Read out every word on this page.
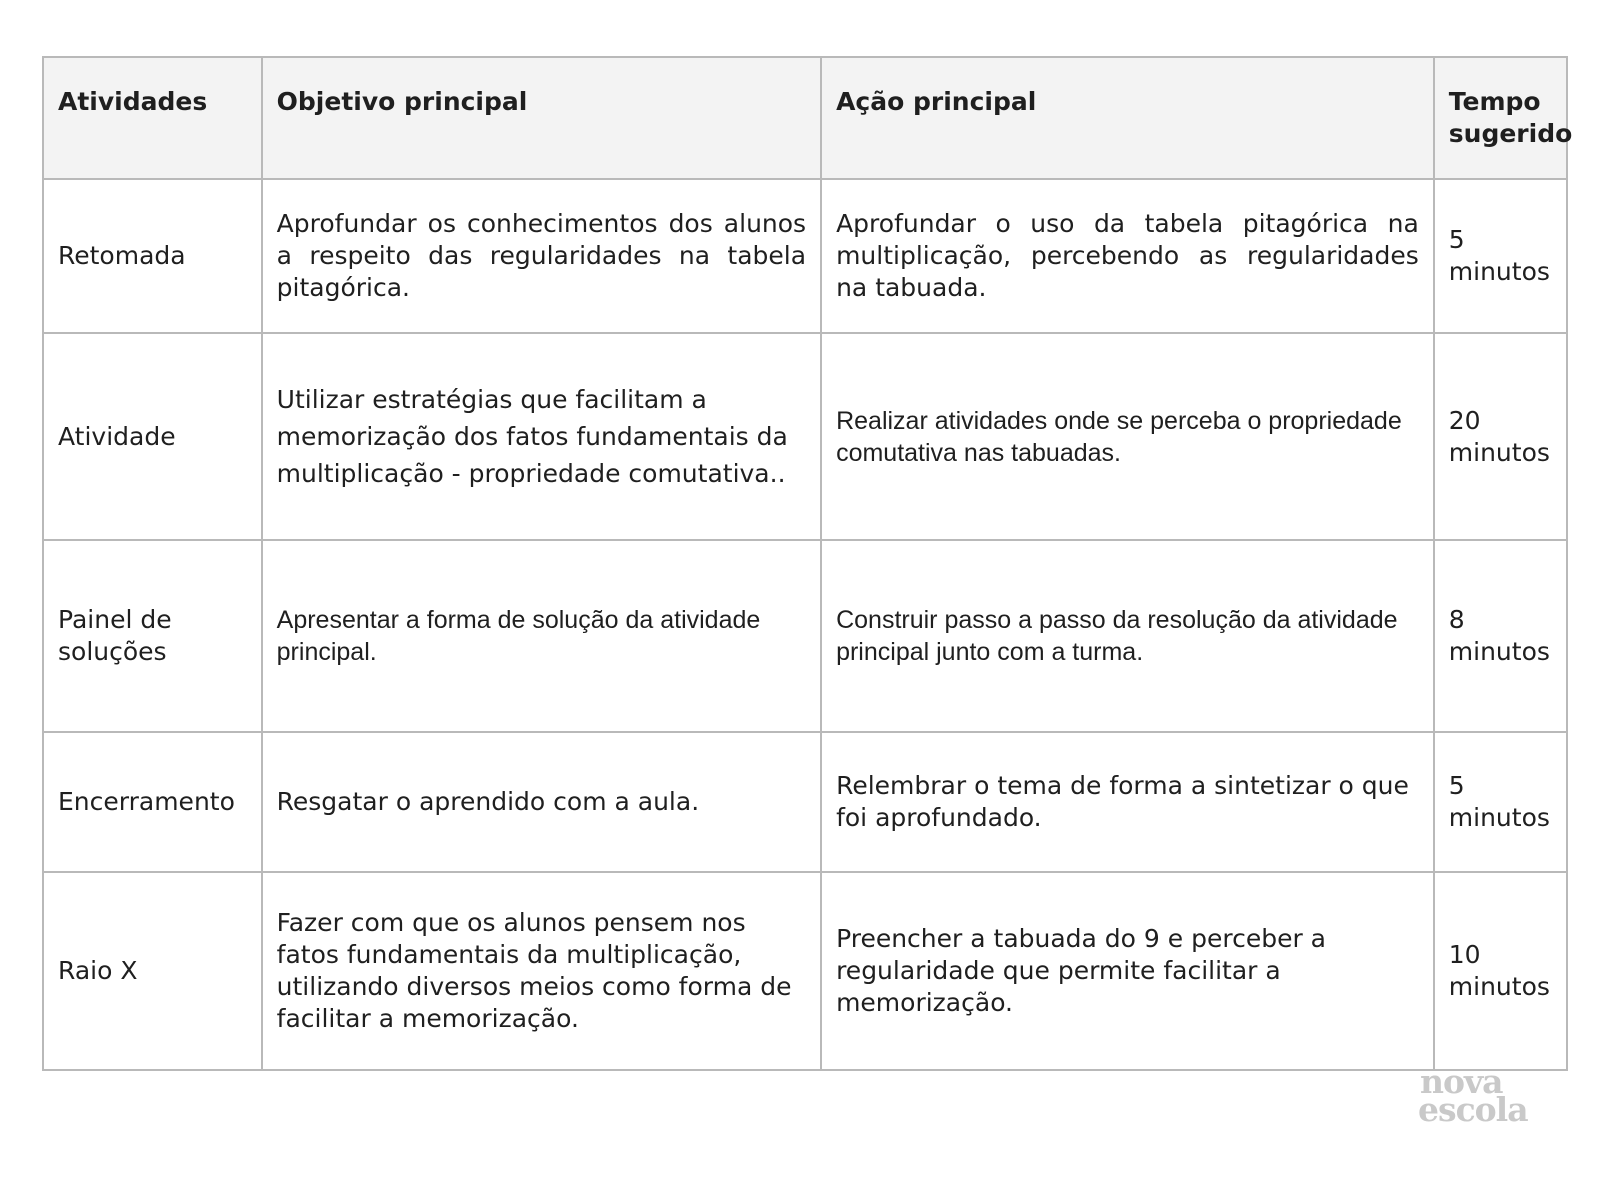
Atividades	Objetivo principal	Ação principal	Tempo sugerido
Retomada	Aprofundar os conhecimentos dos alunos a respeito das regularidades na tabela pitagórica.	Aprofundar o uso da tabela pitagórica na multiplicação, percebendo as regularidades na tabuada.	5 minutos
Atividade	Utilizar estratégias que facilitam a memorização dos fatos fundamentais da multiplicação - propriedade comutativa..	Realizar atividades onde se perceba o propriedade comutativa nas tabuadas.	20 minutos
Painel de soluções	Apresentar a forma de solução da atividade principal.	Construir passo a passo da resolução da atividade principal junto com a turma.	8 minutos
Encerramento	Resgatar o aprendido com a aula.	Relembrar o tema de forma a sintetizar o que foi aprofundado.	5 minutos
Raio X	Fazer com que os alunos pensem nos fatos fundamentais da multiplicação, utilizando diversos meios como forma de facilitar a memorização.	Preencher a tabuada do 9 e perceber a regularidade que permite facilitar a memorização.	10 minutos
nova
escola
